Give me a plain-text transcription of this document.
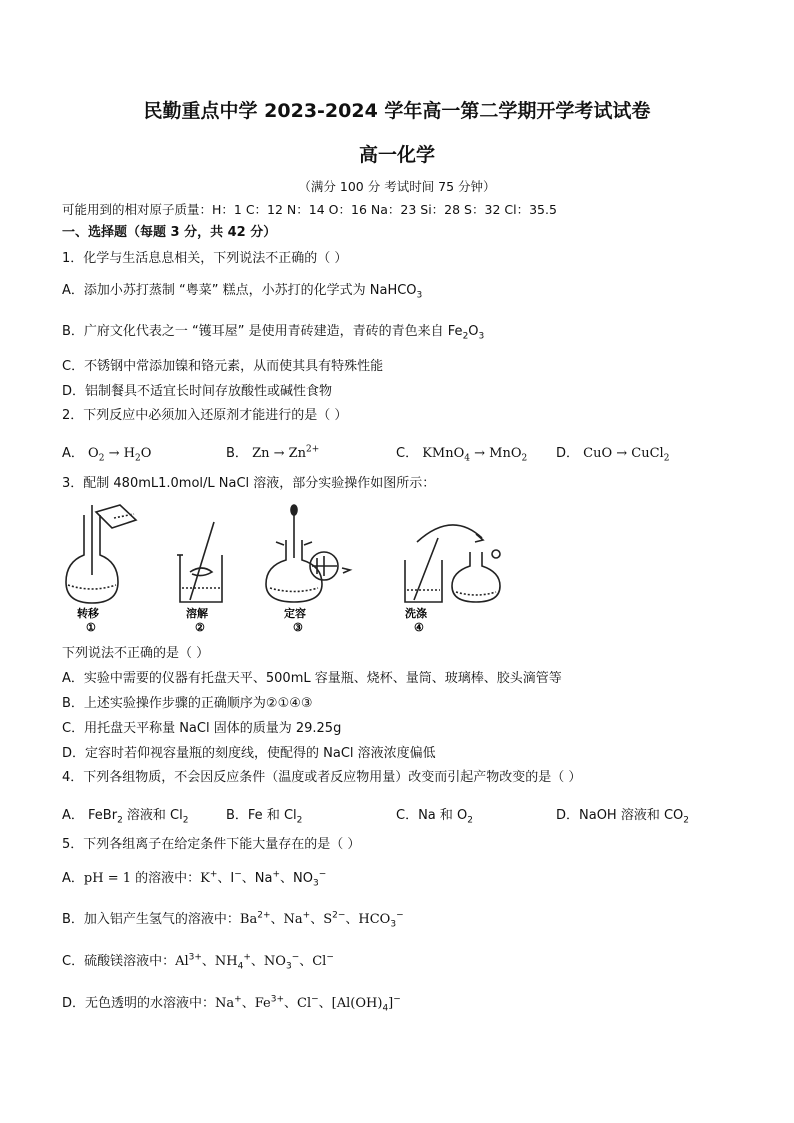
民勤重点中学 2023-2024 学年高一第二学期开学考试试卷
高一化学
（满分 100 分 考试时间 75 分钟）
可能用到的相对原子质量：H：1 C：12 N：14 O：16 Na：23 Si：28 S：32 Cl：35.5
一、选择题（每题 3 分，共 42 分）
1．化学与生活息息相关，下列说法不正确的（ ）
A．添加小苏打蒸制 “粤菜” 糕点，小苏打的化学式为 NaHCO$_3$
B．广府文化代表之一 “镬耳屋” 是使用青砖建造，青砖的青色来自 $Fe_2O_3$
C．不锈钢中常添加镍和铬元素，从而使其具有特殊性能
D．铝制餐具不适宜长时间存放酸性或碱性食物
2．下列反应中必须加入还原剂才能进行的是（ ）
A． $O_2 \to H_2O$	B． $Zn \to Zn^{2+}$	C． KMnO$_4$ → MnO$_2$ D． CuO → CuCl$_2$
3．配制 480mL1.0mol/L NaCl 溶液，部分实验操作如图所示：
转移
①
溶解
②
定容
③
洗涤
④
下列说法不正确的是（ ）
A．实验中需要的仪器有托盘天平、500mL 容量瓶、烧杯、量筒、玻璃棒、胶头滴管等
B．上述实验操作步骤的正确顺序为②①④③
C．用托盘天平称量 NaCl 固体的质量为 29.25g
D．定容时若仰视容量瓶的刻度线，使配得的 NaCl 溶液浓度偏低
4．下列各组物质，不会因反应条件（温度或者反应物用量）改变而引起产物改变的是（ ）
A． FeBr$_2$ 溶液和 $Cl_2$	B．Fe 和 $Cl_2$	C．Na 和 $O_2$	D．NaOH 溶液和 $CO_2$
5．下列各组离子在给定条件下能大量存在的是（ ）
A．pH = 1 的溶液中：K+、I−、Na+、$NO_3^-$
B．加入铝产生氢气的溶液中：$Ba^{2+}$、Na+、$S^{2-}$、$HCO_3^-$
C．硫酸镁溶液中：$Al^{3+}$、$NH_4^+$、$NO_3^-$、Cl−
D．无色透明的水溶液中：Na+、$Fe^{3+}$、Cl−、$[Al(OH)_4]^-$
